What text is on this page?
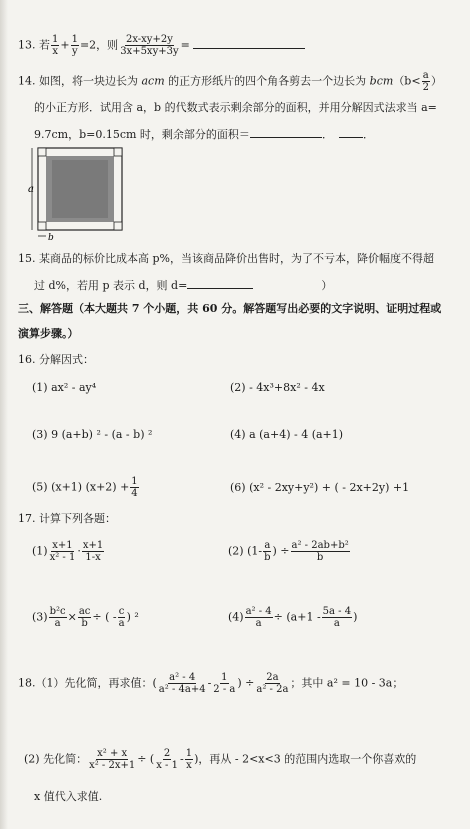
13. 若 $\frac{1}{x} + \frac{1}{y} =2$，则 $\frac{2x-xy+2y}{3x+5xy+3y}$ =
14. 如图，将一块边长为 acm 的正方形纸片的四个角各剪去一个边长为 $bcm(b< \frac{a}{2}$ ）
的小正方形．试用含 a，b 的代数式表示剩余部分的面积，并用分解因式法求当 a=
9.7cm，b=0.15cm 时，剩余部分的面积＝	．	．
a
b
15. 某商品的标价比成本高 p%，当该商品降价出售时，为了不亏本，降价幅度不得超
过 d%，若用 p 表示 d，则 d=	）
三、解答题（本大题共 7 个小题，共 60 分。解答题写出必要的文字说明、证明过程或
演算步骤。）
16. 分解因式：
(1) ax² - ay⁴	(2) - 4x³+8x² - 4x
(3) 9 (a+b) ² - (a - b) ²	(4) a (a+4) - 4 (a+1)
(5) (x+1) $(x+2) + \frac{1}{4}$	(6) (x² - 2xy+y²) + ( - 2x+2y) +1
17. 计算下列各题：
$(1) \frac{x+1}{\text{x² - 1}} \cdot \frac{x+1}{1-x}$	(2) ($1- \frac{a}{b}$ ) ÷ $\frac{\text{a² - 2ab+b²}}{b}$
$(3) \frac{\text{b²c}}{a} \times \frac{ac}{b}$ ÷ ( - $\frac{c}{a}$ ) ²	$(4) \frac{\text{a² - 4}}{a} \div (a+1 - \frac{5a - 4}{a}$ )
18.（1）先化简，再求值：( $\frac{\text{a² - 4}}{\text{a² - 4a+4}} - \frac{1}{2 - a}$ ) ÷ $\frac{2a}{\text{a² - 2a}}$ ；其中 a² = 10 - 3a；
(2) 先化简： $\frac{\text{x² + x}}{\text{x² - 2x+1}}$ ÷ ( $\frac{2}{x - 1} - \frac{1}{x}$ )，再从 - 2<x<3 的范围内选取一个你喜欢的
x 值代入求值.
